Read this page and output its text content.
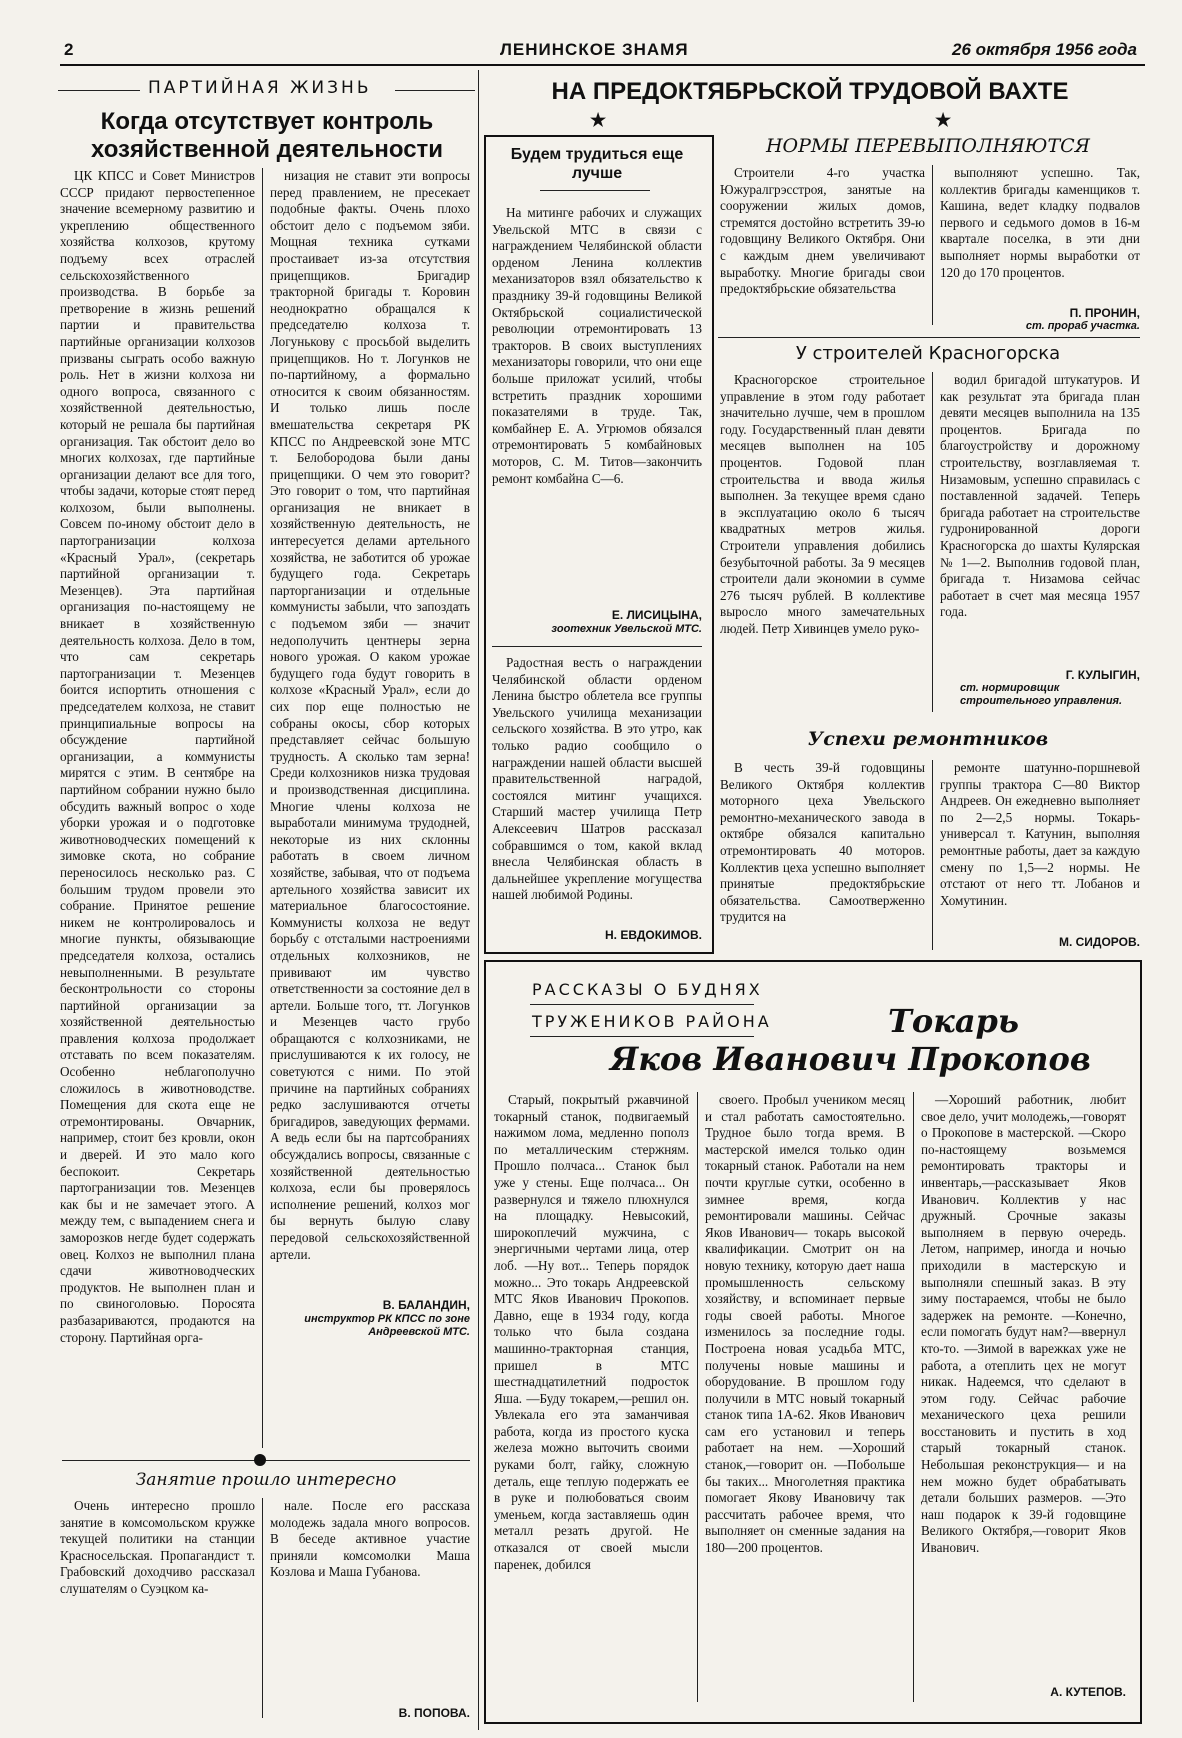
2	ЛЕНИНСКОЕ ЗНАМЯ	26 октября 1956 года
ПАРТИЙНАЯ ЖИЗНЬ
Когда отсутствует контроль хозяйственной деятельности

ЦК КПСС и Совет Министров СССР придают первостепенное значение всемерному развитию и укреплению общественного хозяйства колхозов, крутому подъему всех отраслей сельскохозяйственного производства. В борьбе за претворение в жизнь решений партии и правительства партийные организации колхозов призваны сыграть особо важную роль. Нет в жизни колхоза ни одного вопроса, связанного с хозяйственной деятельностью, который не решала бы партийная организация. Так обстоит дело во многих колхозах, где партийные организации делают все для того, чтобы задачи, которые стоят перед колхозом, были выполнены. Совсем по-иному обстоит дело в партогранизации колхоза «Красный Урал», (секретарь партийной организации т. Мезенцев). Эта партийная организация по-настоящему не вникает в хозяйственную деятельность колхоза. Дело в том, что сам секретарь партогранизации т. Мезенцев боится испортить отношения с председателем колхоза, не ставит принципиальные вопросы на обсуждение партийной организации, а коммунисты мирятся с этим. В сентябре на партийном собрании нужно было обсудить важный вопрос о ходе уборки урожая и о подготовке животноводческих помещений к зимовке скота, но собрание переносилось несколько раз. С большим трудом провели это собрание. Принятое решение никем не контролировалось и многие пункты, обязывающие председателя колхоза, остались невыполненными. В результате бесконтрольности со стороны партийной организации за хозяйственной деятельностью правления колхоза продолжает отставать по всем показателям. Особенно неблагополучно сложилось в животноводстве. Помещения для скота еще не отремонтированы. Овчарник, например, стоит без кровли, окон и дверей. И это мало кого беспокоит. Секретарь партогранизации тов. Мезенцев как бы и не замечает этого. А между тем, с выпадением снега и заморозков негде будет содержать овец. Колхоз не выполнил плана сдачи животноводческих продуктов. Не выполнен план и по свиноголовью. Поросята разбазариваются, продаются на сторону. Партийная орга-

низация не ставит эти вопросы перед правлением, не пресекает подобные факты. Очень плохо обстоит дело с подъемом зяби. Мощная техника сутками простаивает из-за отсутствия прицепщиков. Бригадир тракторной бригады т. Коровин неоднократно обращался к председателю колхоза т. Логунькову с просьбой выделить прицепщиков. Но т. Логунков не по-партийному, а формально относится к своим обязанностям. И только лишь после вмешательства секретаря РК КПСС по Андреевской зоне МТС т. Белобородова были даны прицепщики. О чем это говорит? Это говорит о том, что партийная организация не вникает в хозяйственную деятельность, не интересуется делами артельного хозяйства, не заботится об урожае будущего года. Секретарь парторганизации и отдельные коммунисты забыли, что запоздать с подъемом зяби — значит недополучить центнеры зерна нового урожая. О каком урожае будущего года будут говорить в колхозе «Красный Урал», если до сих пор еще полностью не собраны окосы, сбор которых представляет сейчас большую трудность. А сколько там зерна! Среди колхозников низка трудовая и производственная дисциплина. Многие члены колхоза не выработали минимума трудодней, некоторые из них склонны работать в своем личном хозяйстве, забывая, что от подъема артельного хозяйства зависит их материальное благосостояние. Коммунисты колхоза не ведут борьбу с отсталыми настроениями отдельных колхозников, не прививают им чувство ответственности за состояние дел в артели. Больше того, тт. Логунков и Мезенцев часто грубо обращаются с колхозниками, не прислушиваются к их голосу, не советуются с ними. По этой причине на партийных собраниях редко заслушиваются отчеты бригадиров, заведующих фермами. А ведь если бы на партсобраниях обсуждались вопросы, связанные с хозяйственной деятельностью колхоза, если бы проверялось исполнение решений, колхоз мог бы вернуть былую славу передовой сельскохозяйственной артели.

В. БАЛАНДИН,
инструктор РК КПСС по зоне Андреевской МТС.
Занятие прошло интересно

Очень интересно прошло занятие в комсомольском кружке текущей политики на станции Красносельская. Пропагандист т. Грабовский доходчиво рассказал слушателям о Суэцком ка-

нале. После его рассказа молодежь задала много вопросов. В беседе активное участие приняли комсомолки Маша Козлова и Маша Губанова.

В. ПОПОВА.
НА ПРЕДОКТЯБРЬСКОЙ ТРУДОВОЙ ВАХТЕ
★	★
Будем трудиться еще лучше

На митинге рабочих и служащих Увельской МТС в связи с награждением Челябинской области орденом Ленина коллектив механизаторов взял обязательство к празднику 39-й годовщины Великой Октябрьской социалистической революции отремонтировать 13 тракторов. В своих выступлениях механизаторы говорили, что они еще больше приложат усилий, чтобы встретить праздник хорошими показателями в труде. Так, комбайнер Е. А. Угрюмов обязался отремонтировать 5 комбайновых моторов, С. М. Титов—закончить ремонт комбайна С—6.

Е. ЛИСИЦЫНА,
зоотехник Увельской МТС.

Радостная весть о награждении Челябинской области орденом Ленина быстро облетела все группы Увельского училища механизации сельского хозяйства. В это утро, как только радио сообщило о награждении нашей области высшей правительственной наградой, состоялся митинг учащихся. Старший мастер училища Петр Алексеевич Шатров рассказал собравшимся о том, какой вклад внесла Челябинская область в дальнейшее укрепление могущества нашей любимой Родины.

Н. ЕВДОКИМОВ.
НОРМЫ ПЕРЕВЫПОЛНЯЮТСЯ

Строители 4-го участка Южуралгрэсстроя, занятые на сооружении жилых домов, стремятся достойно встретить 39-ю годовщину Великого Октября. Они с каждым днем увеличивают выработку. Многие бригады свои предоктябрьские обязательства

выполняют успешно. Так, коллектив бригады каменщиков т. Кашина, ведет кладку подвалов первого и седьмого домов в 16-м квартале поселка, в эти дни выполняет нормы выработки от 120 до 170 процентов.

П. ПРОНИН,
ст. прораб участка.
У строителей Красногорска

Красногорское строительное управление в этом году работает значительно лучше, чем в прошлом году. Государственный план девяти месяцев выполнен на 105 процентов. Годовой план строительства и ввода жилья выполнен. За текущее время сдано в эксплуатацию около 6 тысяч квадратных метров жилья. Строители управления добились безубыточной работы. За 9 месяцев строители дали экономии в сумме 276 тысяч рублей. В коллективе выросло много замечательных людей. Петр Хивинцев умело руко-

водил бригадой штукатуров. И как результат эта бригада план девяти месяцев выполнила на 135 процентов. Бригада по благоустройству и дорожному строительству, возглавляемая т. Низамовым, успешно справилась с поставленной задачей. Теперь бригада работает на строительстве гудронированной дороги Красногорска до шахты Кулярская № 1—2. Выполнив годовой план, бригада т. Низамова сейчас работает в счет мая месяца 1957 года.

Г. КУЛЫГИН,
ст. нормировщик строительного управления.
Успехи ремонтников

В честь 39-й годовщины Великого Октября коллектив моторного цеха Увельского ремонтно-механического завода в октябре обязался капитально отремонтировать 40 моторов. Коллектив цеха успешно выполняет принятые предоктябрьские обязательства. Самоотверженно трудится на

ремонте шатунно-поршневой группы трактора С—80 Виктор Андреев. Он ежедневно выполняет по 2—2,5 нормы. Токарь-универсал т. Катунин, выполняя ремонтные работы, дает за каждую смену по 1,5—2 нормы. Не отстают от него тт. Лобанов и Хомутинин.

М. СИДОРОВ.
РАССКАЗЫ О БУДНЯХ
ТРУЖЕНИКОВ РАЙОНА	Токарь
Яков Иванович Прокопов

Старый, покрытый ржавчиной токарный станок, подвигаемый нажимом лома, медленно пополз по металлическим стержням. Прошло полчаса... Станок был уже у стены. Еще полчаса... Он развернулся и тяжело плюхнулся на площадку. Невысокий, широкоплечий мужчина, с энергичными чертами лица, отер лоб. —Ну вот... Теперь порядок можно... Это токарь Андреевской МТС Яков Иванович Прокопов. Давно, еще в 1934 году, когда только что была создана машинно-тракторная станция, пришел в МТС шестнадцатилетний подросток Яша. —Буду токарем,—решил он. Увлекала его эта заманчивая работа, когда из простого куска железа можно выточить своими руками болт, гайку, сложную деталь, еще теплую подержать ее в руке и полюбоваться своим уменьем, когда заставляешь один металл резать другой. Не отказался от своей мысли паренек, добился

своего. Пробыл учеником месяц и стал работать самостоятельно. Трудное было тогда время. В мастерской имелся только один токарный станок. Работали на нем почти круглые сутки, особенно в зимнее время, когда ремонтировали машины. Сейчас Яков Иванович— токарь высокой квалификации. Смотрит он на новую технику, которую дает наша промышленность сельскому хозяйству, и вспоминает первые годы своей работы. Многое изменилось за последние годы. Построена новая усадьба МТС, получены новые машины и оборудование. В прошлом году получили в МТС новый токарный станок типа 1А-62. Яков Иванович сам его установил и теперь работает на нем. —Хороший станок,—говорит он. —Побольше бы таких... Многолетняя практика помогает Якову Ивановичу так рассчитать рабочее время, что выполняет он сменные задания на 180—200 процентов.

—Хороший работник, любит свое дело, учит молодежь,—говорят о Прокопове в мастерской. —Скоро по-настоящему возьмемся ремонтировать тракторы и инвентарь,—рассказывает Яков Иванович. Коллектив у нас дружный. Срочные заказы выполняем в первую очередь. Летом, например, иногда и ночью приходили в мастерскую и выполняли спешный заказ. В эту зиму постараемся, чтобы не было задержек на ремонте. —Конечно, если помогать будут нам?—ввернул кто-то. —Зимой в варежках уже не работа, а отеплить цех не могут никак. Надеемся, что сделают в этом году. Сейчас рабочие механического цеха решили восстановить и пустить в ход старый токарный станок. Небольшая реконструкция— и на нем можно будет обрабатывать детали больших размеров. —Это наш подарок к 39-й годовщине Великого Октября,—говорит Яков Иванович.

А. КУТЕПОВ.
